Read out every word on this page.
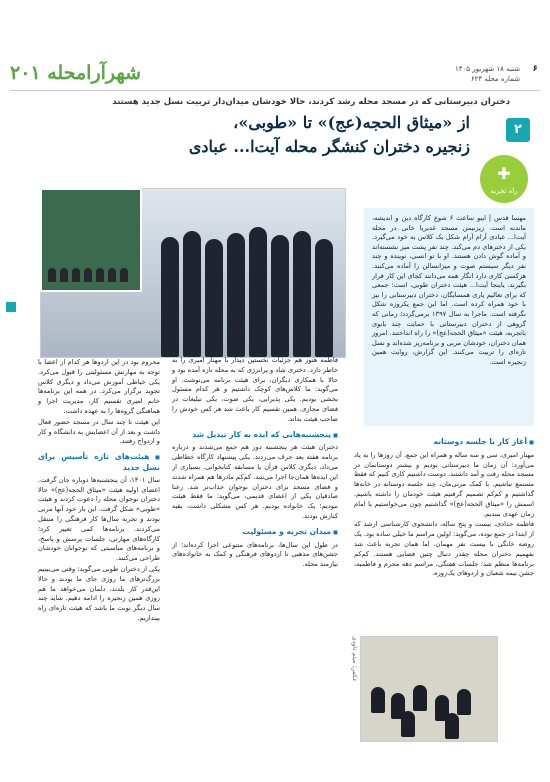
شهرآرامحله ۲۰۱	۶
شنبه ۱۸ شهریور ۱۴۰۵
شماره محله ۶۲۴
دختران دبیرستانی که در مسجد محله رشد کردند، حالا خودشان میدان‌دار تربیت نسل جدید هستند
از «میثاق الحجه(عج)» تا «طوبی»،
زنجیره دختران کنشگر محله آیت‌ا... عبادی
۲
✚
راه تجربه

مهسا قدس | ایبو ساعت ۶ شوع کارگاه دین و اندیشه، ماندنه است. زیزنیمن مسجد غدیریا خانی در محله آیت‌ا... عبادی آرام آرام شکل یک کلاس به خود می‌گیرد. یکی از دخترهای دم می‌کند. چند نفر پشت میز نشسته‌اند و آماده گوش دادن هستند. او با تو انسی، نوینده و چند نفر دیگر سیستم صوت و میزانسالن را آماده می‌کنند. هرکسی کاری دارد انگار همه می‌دانند کجای این کار قرار بگیرند. یاینجا آیت‌ا... هیئت دختران طوبی، است؛ جمعی که برای تعالیم یاری همسایگان، دختران دبیرستانی را نیز با خود همراه کرده است. اما این جمع یکروزه شکل نگرفته است. ماجرا به سال ۱۳۹۷ برمی‌گردد؛ زمانی که گروهی از دختران دبیرستانی با حمایت چند بانوی باتجربه، هیئت «میثاق الحجه(عج)» را راه انداختند. امروز همان دختران، خودشان مربی و برنامه‌ریز شده‌اند و نسل تازه‌ای را تربیت می‌کنند. این گزارش، روایت همین زنجیره است.

محروم بود در این اردوها هر کدام از اعضا با توجه به مهارتش مسئولیتی را قبول می‌کرد. یکی خیاطی آموزش می‌داد و دیگری کلاس تجوید برگزار می‌کرد. در همه این برنامه‌ها خانم امیری تقسیم کار، مدیریت اجرا و هماهنگی گروه‌ها را به عهده داشت.

این هیئت تا چند سال در مسجد حضور فعال داشت و بعد از آن اعضایش به دانشگاه و کار و ازدواج رفتند.

◼ هیئت‌های تازه تأسیس برای نسل جدید

سال ۱۴۰۱، آن پنجشنبه‌ها دوباره جان گرفت. اعضای اولیه هیئت «میثاق الحجه(عج)» حالا دختران نوجوان محله را دعوت کردند و هیئت «طوبی» شکل گرفت. این بار خود آنها مربی بودند و تجربه سال‌ها کار فرهنگی را منتقل می‌کردند. برنامه‌ها کمی تغییر کرد؛ کارگاه‌های مهارتی، جلسات پرسش و پاسخ، و برنامه‌های مناسبتی که نوجوانان خودشان طراحی می‌کنند.

یکی از دختران طوبی می‌گوید: وقتی می‌بینیم بزرگ‌ترهای ما روزی جای ما بودند و حالا این‌قدر کار بلدند، دلمان می‌خواهد ما هم روزی همین زنجیره را ادامه دهیم. شاید چند سال دیگر نوبت ما باشد که هیئت تازه‌ای راه بیندازیم.

فاطمه هنوز هم جزئیات نخستین دیدار با مهناز امیری را به خاطر دارد. دختری شاد و پرانرژی که به محله تازه آمده بود و حالا با همکاری دیگران، برای هیئت برنامه می‌نوشت. او می‌گوید: ما کلاس‌های کوچک داشتیم و هر کدام مسئول بخشی بودیم. یکی پذیرایی، یکی صوت، یکی تبلیغات در فضای مجازی. همین تقسیم کار باعث شد هر کس خودش را صاحب هیئت بداند.

◼ پنجشنبه‌هایی که ایده به کار تبدیل شد

دختران هیئت هر پنجشنبه دور هم جمع می‌شدند و درباره برنامه هفته بعد حرف می‌زدند. یکی پیشنهاد کارگاه خطاطی می‌داد، دیگری کلاس قرآن یا مسابقه کتابخوانی. بسیاری از این ایده‌ها همان‌جا اجرا می‌شد. کم‌کم مادرها هم همراه شدند و فضای مسجد برای دختران نوجوان جذاب‌تر شد. رعنا صادقیان یکی از اعضای قدیمی، می‌گوید: ما فقط هیئت نبودیم؛ یک خانواده بودیم. هر کس مشکلی داشت، بقیه کنارش بودند.

◼ میدان تجربه و مسئولیت

در طول این سال‌ها، برنامه‌های متنوعی اجرا کرده‌اند؛ از جشن‌های مذهبی تا اردوهای فرهنگی و کمک به خانواده‌های نیازمند محله.

◼ آغاز کار با جلسه دوستانه

مهناز امیری، سی و سه ساله و همراه این جمع، آن روزها را به یاد می‌آورد: آن زمان ما دبیرستانی بودیم و بیشتر دوستانمان در مسجد محله رفت و آمد داشتند. دوست داشتیم کاری کنیم که فقط مستمع نباشیم. با کمک مربی‌مان، چند جلسه دوستانه در خانه‌ها گذاشتیم و کم‌کم تصمیم گرفتیم هیئت خودمان را داشته باشیم. اسمش را «میثاق الحجه(عج)» گذاشتیم چون می‌خواستیم با امام زمان عهدی ببندیم.

فاطمه حدادی، بیست و پنج ساله، دانشجوی کارشناسی ارشد که از ابتدا در جمع بوده، می‌گوید: اولین مراسم ما خیلی ساده بود. یک روضه خانگی با بیست نفر مهمان. اما همان تجربه باعث شد بفهمیم دختران محله چقدر دنبال چنین فضایی هستند. کم‌کم برنامه‌ها منظم شد؛ جلسات هفتگی، مراسم دهه محرم و فاطمیه، جشن نیمه شعبان و اردوهای یک‌روزه.

عکس: میثم داودی
